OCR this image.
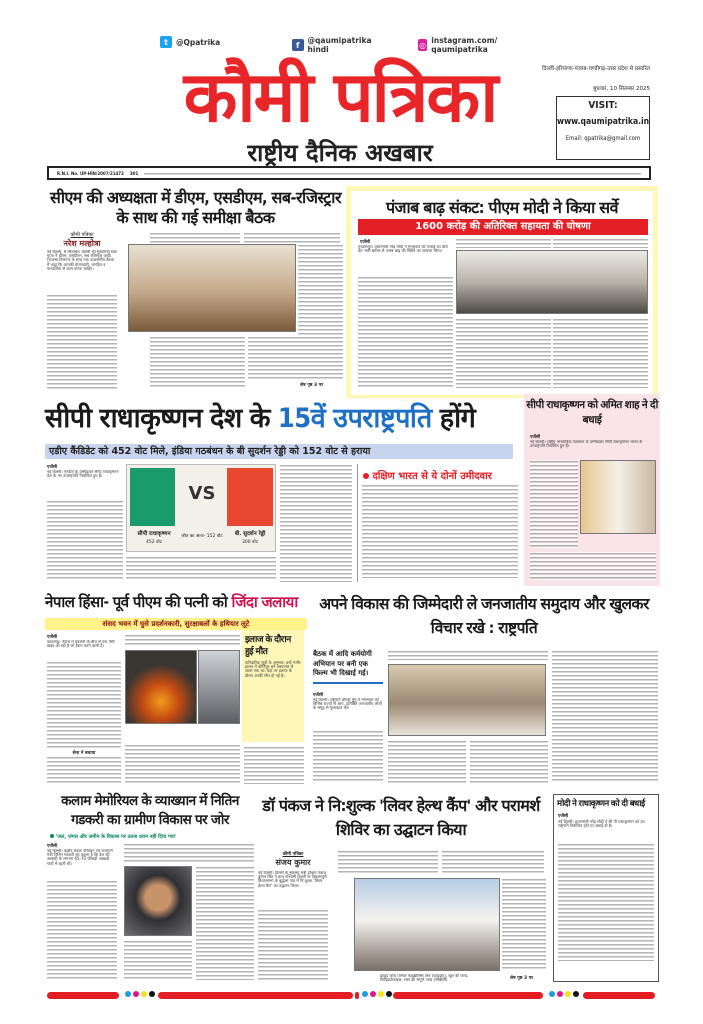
t	@Qpatrika	f	@qaumipatrika hindi	◎ instagram.com/ qaumipatrika
कौमी पत्रिका
राष्ट्रीय दैनिक अखबार
दिल्ली-हरियाणा-पंजाब-चण्डीगढ़-उत्तर प्रदेश से प्रसारित
बुधवार, 10 सितम्बर 2025
VISIT:
www.qaumipatrika.in
Email: qpatrika@gmail.com
R.N.I. No. UP-HIN/2007/21472 301
सीएम की अध्यक्षता में डीएम, एसडीएम, सब-रजिस्ट्रार के साथ की गई समीक्षा बैठक
कौमी पत्रिका
नरेश मल्होत्रा
नई दिल्ली, 9 सितम्बर। दिल्ली की मुख्यमंत्री रेखा गुप्ता ने डीएम, एसडीएम, सब रजिस्ट्रार आदि (राजस्व विभाग) के साथ एक उच्चस्तरीय बैठक में कहा कि आपकी ईमानदारी, जनहित व पारदर्शिता से काम करना चाहिए।
शेष पृष्ठ 3 पर
पंजाब बाढ़ संकट: पीएम मोदी ने किया सर्वे
1600 करोड़ की अतिरिक्त सहायता की घोषणा
एजेंसी
गुरदासपुर। प्रधानमंत्री नरेंद्र मोदी ने मंगलवार को पंजाब का दौरा कर भारी बारिश से उत्पन्न बाढ़ की स्थिति का जायजा लिया।
सीपी राधाकृष्णन देश के 15वें उपराष्ट्रपति होंगे
एडीए कैंडिडेट को 452 वोट मिले, इंडिया गठबंधन के बी सुदर्शन रेड्डी को 152 वोट से हराया
एजेंसी
नई दिल्ली। एनडीए के उम्मीदवार सीपी राधाकृष्णन देश के नए उपराष्ट्रपति निर्वाचित हुए हैं।
VS
सीपी राधाकृष्णन
452 वोट
बी. सुदर्शन रेड्डी
300 वोट
जीत का अंतर- 152 वोट
दक्षिण भारत से ये दोनों उमीदवार
सीपी राधाकृष्णन को अमित शाह ने दी बधाई
एजेंसी
नई दिल्ली। राष्ट्रीय जनतांत्रिक गठबंधन के उम्मीदवार सीपी राधाकृष्णन भारत के उपराष्ट्रपति निर्वाचित हुए हैं।
नेपाल हिंसा- पूर्व पीएम की पत्नी को जिंदा जलाया
संसद भवन में घुसे प्रदर्शनकारी, सुरक्षाबलों के हथियार लूटे
एजेंसी
काठमांडू। नेपाल में प्रदर्शनों के बीच से एक ऐसी खबर आ रही है जो हैरान करने वाली है।
सेना ने बचाया
इलाज के दौरान हुई मौत
पारिवारिक सूत्रों के अनुसार, उन्हें गंभीर हालत में कीर्तिपुर बर्न अस्पताल ले जाया गया था। यहां पर इलाज के दौरान उनकी मौत हो गई है।
अपने विकास की जिम्मेदारी ले जनजातीय समुदाय और खुलकर विचार रखे : राष्ट्रपति
बैठक में आदि कर्मयोगी अभियान पर बनी एक फिल्म भी दिखाई गई।
एजेंसी
नई दिल्ली। राष्ट्रपति द्रौपदी मुर्मु ने मंगलवार को विभिन्न राज्यों से आए, प्रतिष्ठित जनजातीय लोगों के समूह से मुलाकात की।
कलाम मेमोरियल के व्याख्यान में नितिन गडकरी का ग्रामीण विकास पर जोर
'जल, जंगल और जमीन के विकास पर उतना ध्यान नहीं दिया गया'
एजेंसी
नई दिल्ली। केंद्रीय सड़क परिवहन एवं राजमार्ग मंत्री नितिन गडकरी का कहना है कि देश की आबादी के लगभग 65-70 फीसदी आबादी गांवों में रहती थी।
डॉ पंकज ने नि:शुल्क 'लिवर हेल्थ कैंप' और परामर्श शिविर का उद्घाटन किया
कौमी पत्रिका
संजय कुमार
नई दिल्ली। दिल्ली के स्वास्थ्य मंत्री डॉक्टर पंकज कुमार सिंह ने कल पश्चिमी दिल्ली के विकासपुरी विधानसभा के बुद्धेला गांव में नि:शुल्क 'लिवर हेल्थ कैंप' का उद्घाटन किया।
फ्राइड जांच (लिवर फाइब्रोसिस टेस्ट (फाइब्रो)), खून की जांच, लिपिडप्रोफाइल, रक्त की संपूर्ण जांच (सीबीसी)	शेष पृष्ठ 3 पर
मोदी ने राधाकृष्णन को दी बधाई
एजेंसी
नई दिल्ली। प्रधानमंत्री नरेंद्र मोदी ने सी पी राधाकृष्णन को उप राष्ट्रपति निर्वाचित होने पर बधाई दी है।
